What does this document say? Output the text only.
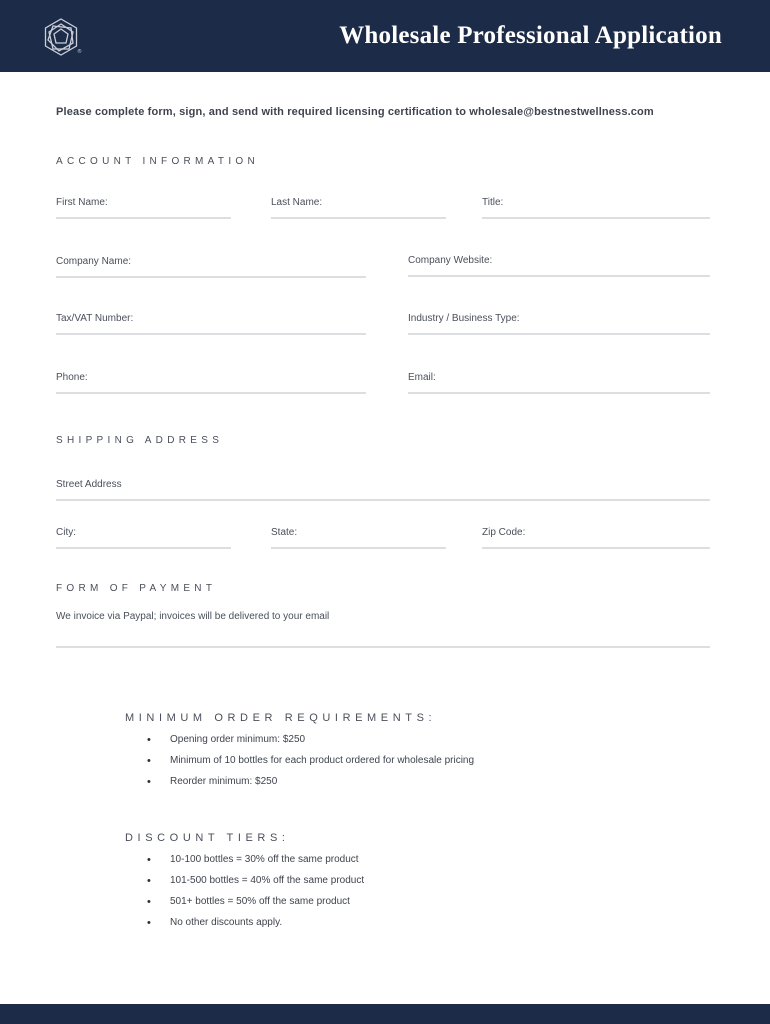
®
Wholesale Professional Application
Please complete form, sign, and send with required licensing certification to wholesale@bestnestwellness.com
ACCOUNT INFORMATION
First Name:	Last Name:	Title:
Company Name:	Company Website:
Tax/VAT Number:	Industry / Business Type:
Phone:	Email:
SHIPPING ADDRESS
Street Address
City:	State:	Zip Code:
FORM OF PAYMENT
We invoice via Paypal; invoices will be delivered to your email
MINIMUM ORDER REQUIREMENTS:
• Opening order minimum: $250
• Minimum of 10 bottles for each product ordered for wholesale pricing
• Reorder minimum: $250
DISCOUNT TIERS:
• 10-100 bottles = 30% off the same product
• 101-500 bottles = 40% off the same product
• 501+ bottles = 50% off the same product
• No other discounts apply.
